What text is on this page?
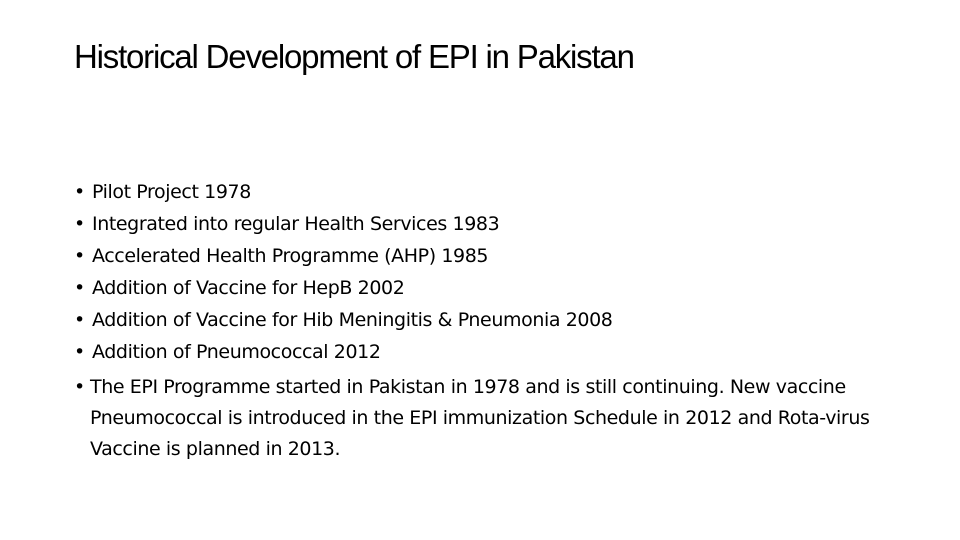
Historical Development of EPI in Pakistan
• Pilot Project 1978
• Integrated into regular Health Services 1983
• Accelerated Health Programme (AHP) 1985
• Addition of Vaccine for HepB 2002
• Addition of Vaccine for Hib Meningitis & Pneumonia 2008
• Addition of Pneumococcal 2012
• The EPI Programme started in Pakistan in 1978 and is still continuing. New vaccine Pneumococcal is introduced in the EPI immunization Schedule in 2012 and Rota-virus Vaccine is planned in 2013.
